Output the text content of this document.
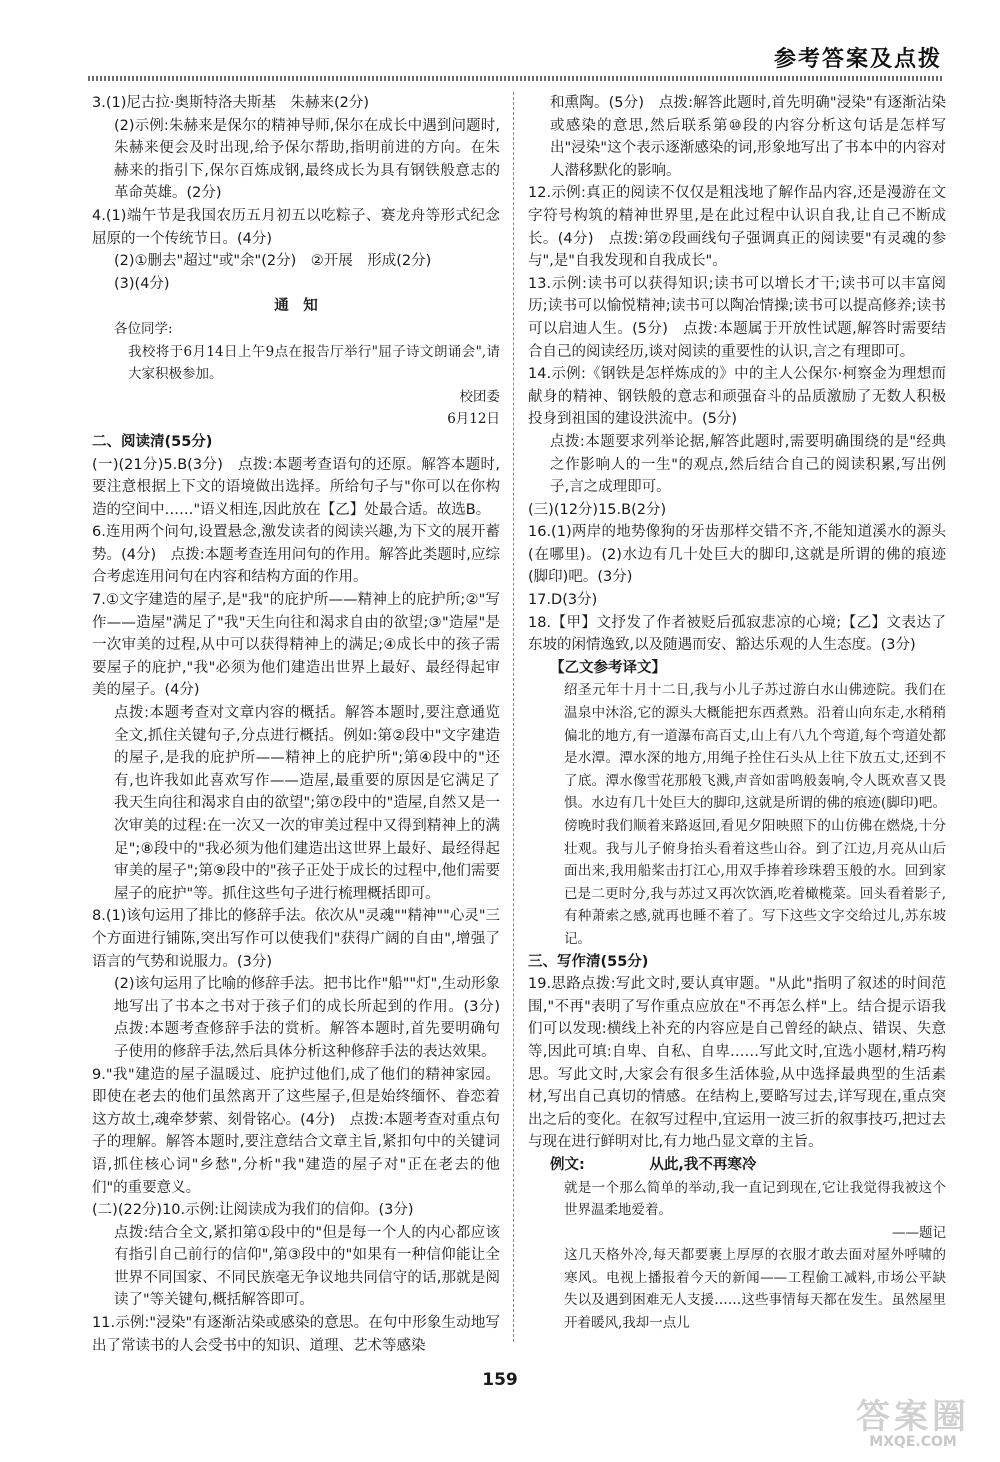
参考答案及点拨

3.(1)尼古拉·奥斯特洛夫斯基　朱赫来(2分)

(2)示例:朱赫来是保尔的精神导师,保尔在成长中遇到问题时,朱赫来便会及时出现,给予保尔帮助,指明前进的方向。在朱赫来的指引下,保尔百炼成钢,最终成长为具有钢铁般意志的革命英雄。(2分)

4.(1)端午节是我国农历五月初五以吃粽子、赛龙舟等形式纪念屈原的一个传统节日。(4分)

(2)①删去"超过"或"余"(2分)　②开展　形成(2分)

(3)(4分)

通　知

各位同学:

我校将于6月14日上午9点在报告厅举行"屈子诗文朗诵会",请大家积极参加。

校团委

6月12日

二、阅读清(55分)

(一)(21分)5.B(3分)　点拨:本题考查语句的还原。解答本题时,要注意根据上下文的语境做出选择。所给句子与"你可以在你构造的空间中……"语义相连,因此放在【乙】处最合适。故选B。

6.连用两个问句,设置悬念,激发读者的阅读兴趣,为下文的展开蓄势。(4分)　点拨:本题考查连用问句的作用。解答此类题时,应综合考虑连用问句在内容和结构方面的作用。

7.①文字建造的屋子,是"我"的庇护所——精神上的庇护所;②"写作——造屋"满足了"我"天生向往和渴求自由的欲望;③"造屋"是一次审美的过程,从中可以获得精神上的满足;④成长中的孩子需要屋子的庇护,"我"必须为他们建造出世界上最好、最经得起审美的屋子。(4分)

点拨:本题考查对文章内容的概括。解答本题时,要注意通览全文,抓住关键句子,分点进行概括。例如:第②段中"文字建造的屋子,是我的庇护所——精神上的庇护所";第④段中的"还有,也许我如此喜欢写作——造屋,最重要的原因是它满足了我天生向往和渴求自由的欲望";第⑦段中的"造屋,自然又是一次审美的过程:在一次又一次的审美过程中又得到精神上的满足";⑧段中的"我必须为他们建造出这世界上最好、最经得起审美的屋子";第⑨段中的"孩子正处于成长的过程中,他们需要屋子的庇护"等。抓住这些句子进行梳理概括即可。

8.(1)该句运用了排比的修辞手法。依次从"灵魂""精神""心灵"三个方面进行铺陈,突出写作可以使我们"获得广阔的自由",增强了语言的气势和说服力。(3分)

(2)该句运用了比喻的修辞手法。把书比作"船""灯",生动形象地写出了书本之书对于孩子们的成长所起到的作用。(3分)　点拨:本题考查修辞手法的赏析。解答本题时,首先要明确句子使用的修辞手法,然后具体分析这种修辞手法的表达效果。

9."我"建造的屋子温暖过、庇护过他们,成了他们的精神家园。即使在老去的他们虽然离开了这些屋子,但是始终缅怀、眷恋着这方故土,魂牵梦萦、刻骨铭心。(4分)　点拨:本题考查对重点句子的理解。解答本题时,要注意结合文章主旨,紧扣句中的关键词语,抓住核心词"乡愁",分析"我"建造的屋子对"正在老去的他们"的重要意义。

(二)(22分)10.示例:让阅读成为我们的信仰。(3分)

点拨:结合全文,紧扣第①段中的"但是每一个人的内心都应该有指引自己前行的信仰",第③段中的"如果有一种信仰能让全世界不同国家、不同民族毫无争议地共同信守的话,那就是阅读了"等关键句,概括解答即可。

11.示例:"浸染"有逐渐沾染或感染的意思。在句中形象生动地写出了常读书的人会受书中的知识、道理、艺术等感染

和熏陶。(5分)　点拨:解答此题时,首先明确"浸染"有逐渐沾染或感染的意思,然后联系第⑩段的内容分析这句话是怎样写出"浸染"这个表示逐渐感染的词,形象地写出了书本中的内容对人潜移默化的影响。

12.示例:真正的阅读不仅仅是粗浅地了解作品内容,还是漫游在文字符号构筑的精神世界里,是在此过程中认识自我,让自己不断成长。(4分)　点拨:第⑦段画线句子强调真正的阅读要"有灵魂的参与",是"自我发现和自我成长"。

13.示例:读书可以获得知识;读书可以增长才干;读书可以丰富阅历;读书可以愉悦精神;读书可以陶冶情操;读书可以提高修养;读书可以启迪人生。(5分)　点拨:本题属于开放性试题,解答时需要结合自己的阅读经历,谈对阅读的重要性的认识,言之有理即可。

14.示例:《钢铁是怎样炼成的》中的主人公保尔·柯察金为理想而献身的精神、钢铁般的意志和顽强奋斗的品质激励了无数人积极投身到祖国的建设洪流中。(5分)

点拨:本题要求列举论据,解答此题时,需要明确围绕的是"经典之作影响人的一生"的观点,然后结合自己的阅读积累,写出例子,言之成理即可。

(三)(12分)15.B(2分)

16.(1)两岸的地势像狗的牙齿那样交错不齐,不能知道溪水的源头(在哪里)。(2)水边有几十处巨大的脚印,这就是所谓的佛的痕迹(脚印)吧。(3分)

17.D(3分)

18.【甲】文抒发了作者被贬后孤寂悲凉的心境;【乙】文表达了东坡的闲情逸致,以及随遇而安、豁达乐观的人生态度。(3分)

【乙文参考译文】

绍圣元年十月十二日,我与小儿子苏过游白水山佛迹院。我们在温泉中沐浴,它的源头大概能把东西煮熟。沿着山向东走,水稍稍偏北的地方,有一道瀑布高百丈,山上有八九个弯道,每个弯道处都是水潭。潭水深的地方,用绳子拴住石头从上往下放五丈,还到不了底。潭水像雪花那般飞溅,声音如雷鸣般轰响,令人既欢喜又畏惧。水边有几十处巨大的脚印,这就是所谓的佛的痕迹(脚印)吧。傍晚时我们顺着来路返回,看见夕阳映照下的山仿佛在燃烧,十分壮观。我与儿子俯身抬头看着这些山谷。到了江边,月亮从山后面出来,我用船桨击打江心,用双手捧着珍珠碧玉般的水。回到家已是二更时分,我与苏过又再次饮酒,吃着橄榄菜。回头看着影子,有种萧索之感,就再也睡不着了。写下这些文字交给过儿,苏东坡记。

三、写作清(55分)

19.思路点拨:写此文时,要认真审题。"从此"指明了叙述的时间范围,"不再"表明了写作重点应放在"不再怎么样"上。结合提示语我们可以发现:横线上补充的内容应是自己曾经的缺点、错误、失意等,因此可填:自卑、自私、自卑……写此文时,宜选小题材,精巧构思。写此文时,大家会有很多生活体验,从中选择最典型的生活素材,写出自己真切的情感。在结构上,要略写过去,详写现在,重点突出之后的变化。在叙写过程中,宜运用一波三折的叙事技巧,把过去与现在进行鲜明对比,有力地凸显文章的主旨。

例文:	从此,我不再寒冷

就是一个那么简单的举动,我一直记到现在,它让我觉得我被这个世界温柔地爱着。

——题记

这几天格外冷,每天都要裹上厚厚的衣服才敢去面对屋外呼啸的寒风。电视上播报着今天的新闻——工程偷工减料,市场公平缺失以及遇到困难无人支援……这些事情每天都在发生。虽然屋里开着暖风,我却一点儿

159
答案圈
MXQE.COM
